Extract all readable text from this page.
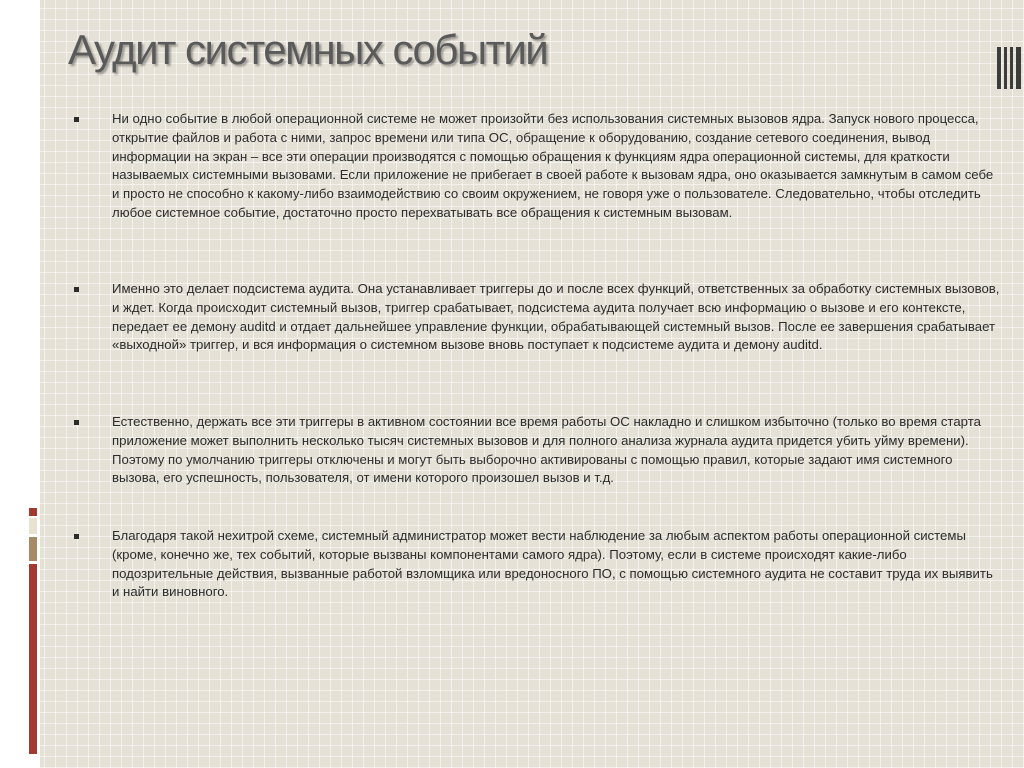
Аудит системных событий
Ни одно событие в любой операционной системе не может произойти без использования системных вызовов ядра. Запуск нового процесса, открытие файлов и работа с ними, запрос времени или типа ОС, обращение к оборудованию, создание сетевого соединения, вывод информации на экран – все эти операции производятся с помощью обращения к функциям ядра операционной системы, для краткости называемых системными вызовами. Если приложение не прибегает в своей работе к вызовам ядра, оно оказывается замкнутым в самом себе и просто не способно к какому-либо взаимодействию со своим окружением, не говоря уже о пользователе. Следовательно, чтобы отследить любое системное событие, достаточно просто перехватывать все обращения к системным вызовам.
Именно это делает подсистема аудита. Она устанавливает триггеры до и после всех функций, ответственных за обработку системных вызовов, и ждет. Когда происходит системный вызов, триггер срабатывает, подсистема аудита получает всю информацию о вызове и его контексте, передает ее демону auditd и отдает дальнейшее управление функции, обрабатывающей системный вызов. После ее завершения срабатывает «выходной» триггер, и вся информация о системном вызове вновь поступает к подсистеме аудита и демону auditd.
Естественно, держать все эти триггеры в активном состоянии все время работы ОС накладно и слишком избыточно (только во время старта приложение может выполнить несколько тысяч системных вызовов и для полного анализа журнала аудита придется убить уйму времени). Поэтому по умолчанию триггеры отключены и могут быть выборочно активированы с помощью правил, которые задают имя системного вызова, его успешность, пользователя, от имени которого произошел вызов и т.д.
Благодаря такой нехитрой схеме, системный администратор может вести наблюдение за любым аспектом работы операционной системы (кроме, конечно же, тех событий, которые вызваны компонентами самого ядра). Поэтому, если в системе происходят какие-либо подозрительные действия, вызванные работой взломщика или вредоносного ПО, с помощью системного аудита не составит труда их выявить и найти виновного.
